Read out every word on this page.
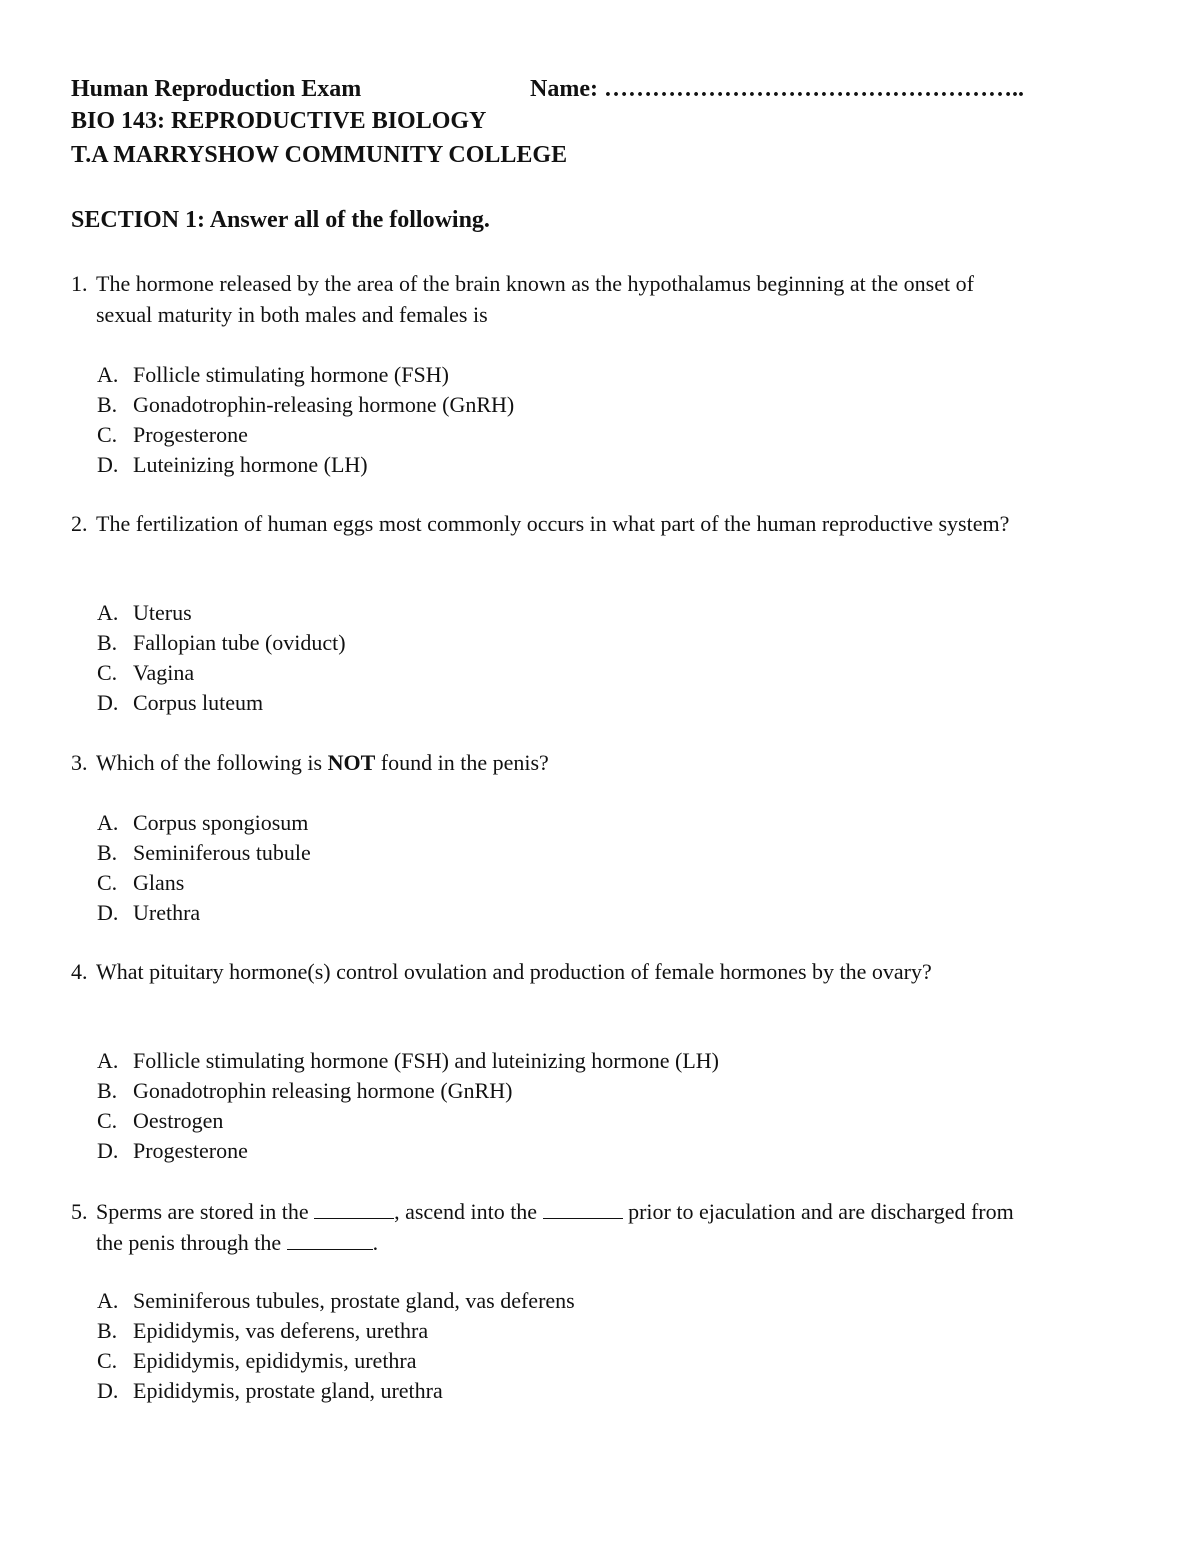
Human Reproduction Exam	Name: ……………………………………………..
BIO 143: REPRODUCTIVE BIOLOGY
T.A MARRYSHOW COMMUNITY COLLEGE
SECTION 1: Answer all of the following.
1. The hormone released by the area of the brain known as the hypothalamus beginning at the onset of sexual maturity in both males and females is
A. Follicle stimulating hormone (FSH)
B. Gonadotrophin-releasing hormone (GnRH)
C. Progesterone
D. Luteinizing hormone (LH)
2. The fertilization of human eggs most commonly occurs in what part of the human reproductive system?
A. Uterus
B. Fallopian tube (oviduct)
C. Vagina
D. Corpus luteum
3. Which of the following is NOT found in the penis?
A. Corpus spongiosum
B. Seminiferous tubule
C. Glans
D. Urethra
4. What pituitary hormone(s) control ovulation and production of female hormones by the ovary?
A. Follicle stimulating hormone (FSH) and luteinizing hormone (LH)
B. Gonadotrophin releasing hormone (GnRH)
C. Oestrogen
D. Progesterone
5. Sperms are stored in the	, ascend into the	prior to ejaculation and are discharged from the penis through the	.
A. Seminiferous tubules, prostate gland, vas deferens
B. Epididymis, vas deferens, urethra
C. Epididymis, epididymis, urethra
D. Epididymis, prostate gland, urethra
